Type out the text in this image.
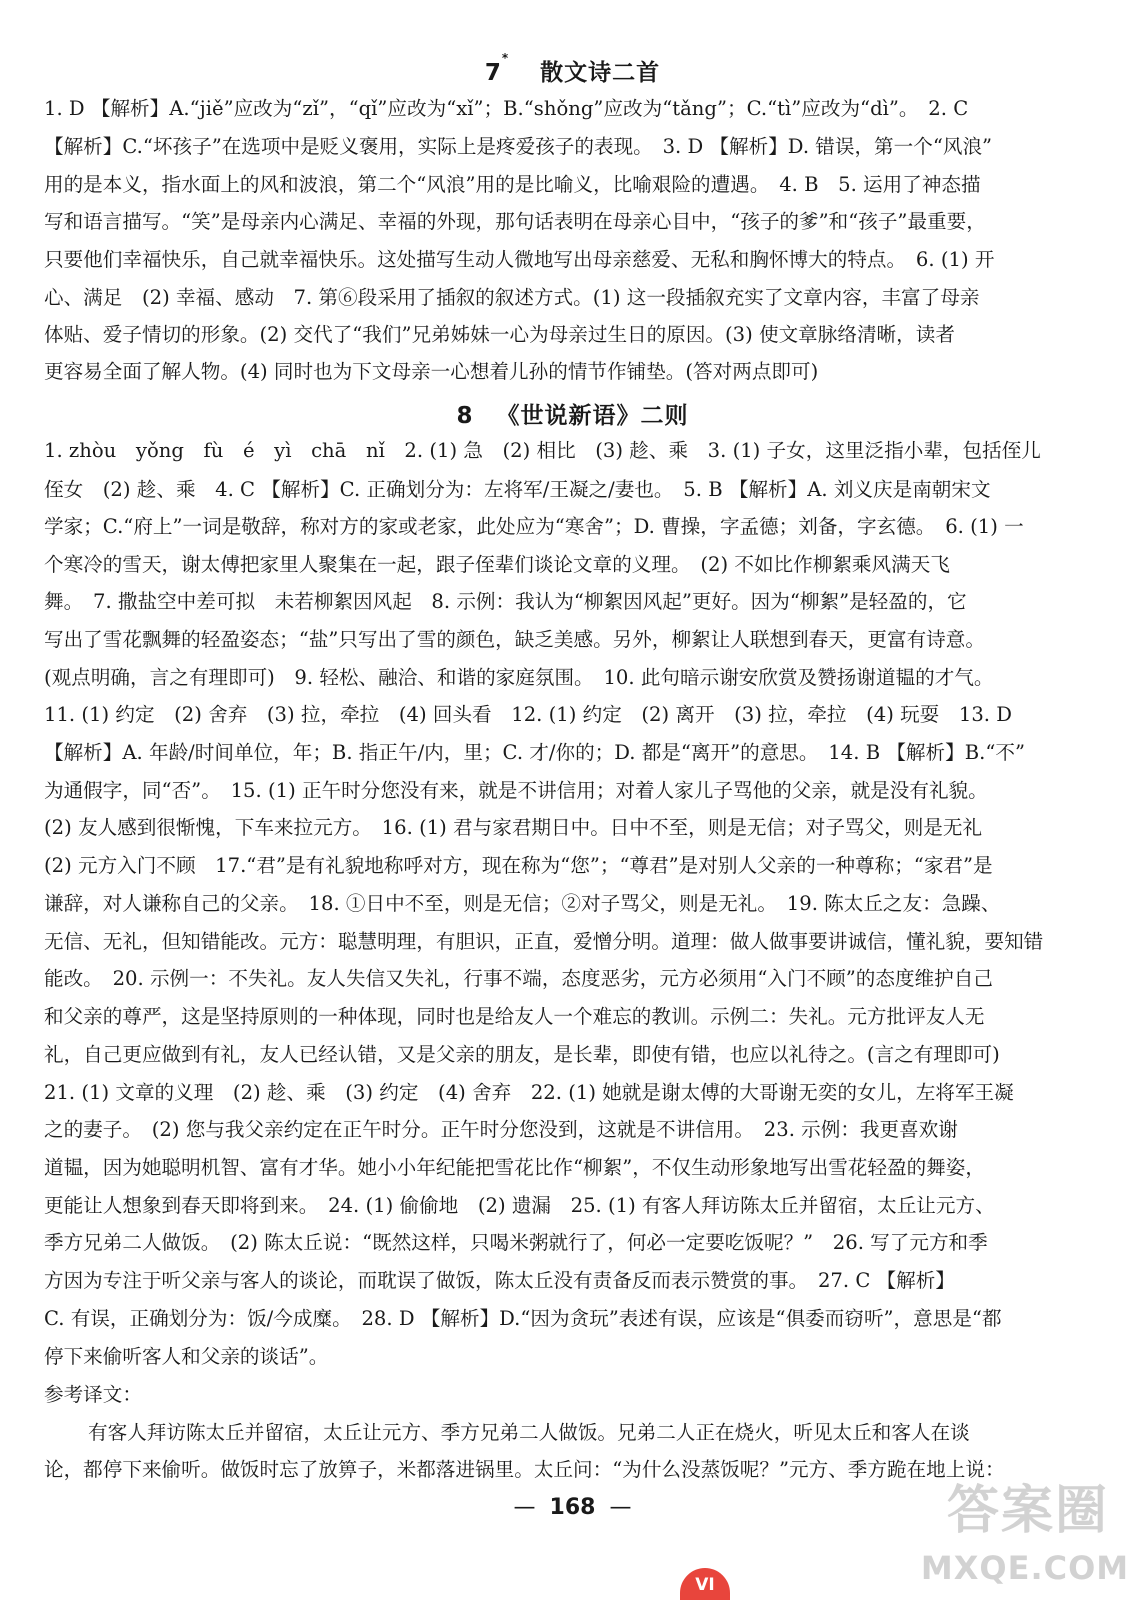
7* 散文诗二首
1. D 【解析】A.“jiě”应改为“zǐ”，“qǐ”应改为“xǐ”；B.“shǒng”应改为“tǎng”；C.“tì”应改为“dì”。　2. C
【解析】C.“坏孩子”在选项中是贬义褒用，实际上是疼爱孩子的表现。　3. D 【解析】D. 错误，第一个“风浪”
用的是本义，指水面上的风和波浪，第二个“风浪”用的是比喻义，比喻艰险的遭遇。　4. B　5. 运用了神态描
写和语言描写。“笑”是母亲内心满足、幸福的外现，那句话表明在母亲心目中，“孩子的爹”和“孩子”最重要，
只要他们幸福快乐，自己就幸福快乐。这处描写生动人微地写出母亲慈爱、无私和胸怀博大的特点。　6. (1) 开
心、满足　(2) 幸福、感动　7. 第⑥段采用了插叙的叙述方式。(1) 这一段插叙充实了文章内容，丰富了母亲
体贴、爱子情切的形象。(2) 交代了“我们”兄弟姊妹一心为母亲过生日的原因。(3) 使文章脉络清晰，读者
更容易全面了解人物。(4) 同时也为下文母亲一心想着儿孙的情节作铺垫。(答对两点即可)
8 《世说新语》二则
1. zhòu　yǒng　fù　é　yì　chā　nǐ　2. (1) 急　(2) 相比　(3) 趁、乘　3. (1) 子女，这里泛指小辈，包括侄儿
侄女　(2) 趁、乘　4. C 【解析】C. 正确划分为：左将军/王凝之/妻也。　5. B 【解析】A. 刘义庆是南朝宋文
学家；C.“府上”一词是敬辞，称对方的家或老家，此处应为“寒舍”；D. 曹操，字孟德；刘备，字玄德。　6. (1) 一
个寒冷的雪天，谢太傅把家里人聚集在一起，跟子侄辈们谈论文章的义理。　(2) 不如比作柳絮乘风满天飞
舞。　7. 撒盐空中差可拟　未若柳絮因风起　8. 示例：我认为“柳絮因风起”更好。因为“柳絮”是轻盈的，它
写出了雪花飘舞的轻盈姿态；“盐”只写出了雪的颜色，缺乏美感。另外，柳絮让人联想到春天，更富有诗意。
(观点明确，言之有理即可)　9. 轻松、融洽、和谐的家庭氛围。　10. 此句暗示谢安欣赏及赞扬谢道韫的才气。
11. (1) 约定　(2) 舍弃　(3) 拉，牵拉　(4) 回头看　12. (1) 约定　(2) 离开　(3) 拉，牵拉　(4) 玩耍　13. D
【解析】A. 年龄/时间单位，年；B. 指正午/内，里；C. 才/你的；D. 都是“离开”的意思。　14. B 【解析】B.“不”
为通假字，同“否”。　15. (1) 正午时分您没有来，就是不讲信用；对着人家儿子骂他的父亲，就是没有礼貌。
(2) 友人感到很惭愧，下车来拉元方。　16. (1) 君与家君期日中。日中不至，则是无信；对子骂父，则是无礼
(2) 元方入门不顾　17.“君”是有礼貌地称呼对方，现在称为“您”；“尊君”是对别人父亲的一种尊称；“家君”是
谦辞，对人谦称自己的父亲。　18. ①日中不至，则是无信；②对子骂父，则是无礼。　19. 陈太丘之友：急躁、
无信、无礼，但知错能改。元方：聪慧明理，有胆识，正直，爱憎分明。道理：做人做事要讲诚信，懂礼貌，要知错
能改。　20. 示例一：不失礼。友人失信又失礼，行事不端，态度恶劣，元方必须用“入门不顾”的态度维护自己
和父亲的尊严，这是坚持原则的一种体现，同时也是给友人一个难忘的教训。示例二：失礼。元方批评友人无
礼，自己更应做到有礼，友人已经认错，又是父亲的朋友，是长辈，即使有错，也应以礼待之。(言之有理即可)
21. (1) 文章的义理　(2) 趁、乘　(3) 约定　(4) 舍弃　22. (1) 她就是谢太傅的大哥谢无奕的女儿，左将军王凝
之的妻子。　(2) 您与我父亲约定在正午时分。正午时分您没到，这就是不讲信用。　23. 示例：我更喜欢谢
道韫，因为她聪明机智、富有才华。她小小年纪能把雪花比作“柳絮”，不仅生动形象地写出雪花轻盈的舞姿，
更能让人想象到春天即将到来。　24. (1) 偷偷地　(2) 遗漏　25. (1) 有客人拜访陈太丘并留宿，太丘让元方、
季方兄弟二人做饭。　(2) 陈太丘说：“既然这样，只喝米粥就行了，何必一定要吃饭呢？”　26. 写了元方和季
方因为专注于听父亲与客人的谈论，而耽误了做饭，陈太丘没有责备反而表示赞赏的事。　27. C 【解析】
C. 有误，正确划分为：饭/今成糜。　28. D 【解析】D.“因为贪玩”表述有误，应该是“俱委而窃听”，意思是“都
停下来偷听客人和父亲的谈话”。
参考译文：
有客人拜访陈太丘并留宿，太丘让元方、季方兄弟二人做饭。兄弟二人正在烧火，听见太丘和客人在谈
论，都停下来偷听。做饭时忘了放箅子，米都落进锅里。太丘问：“为什么没蒸饭呢？”元方、季方跪在地上说：
— 168 —
VI
答案圈
MXQE.COM
